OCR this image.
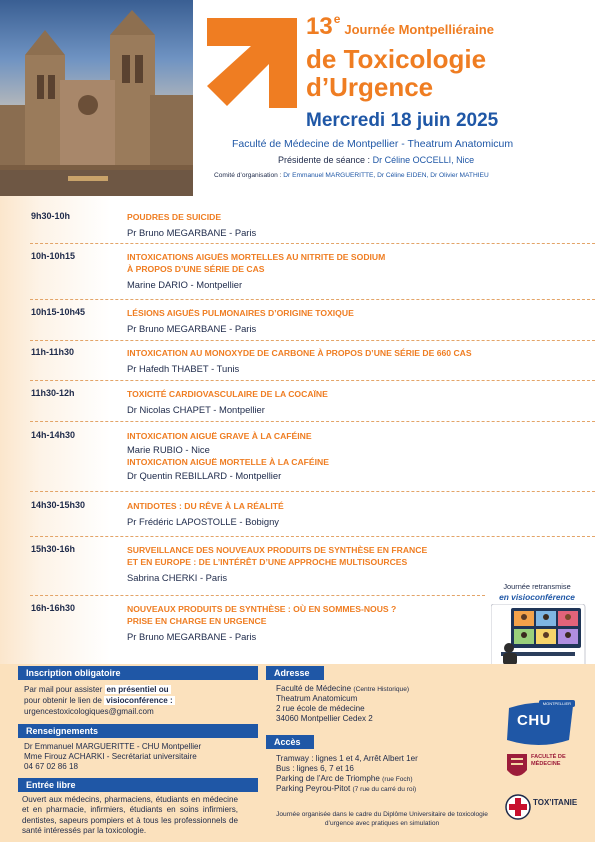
13eJournée Montpelliéraine
de Toxicologie
d’Urgence
Mercredi 18 juin 2025
Faculté de Médecine de Montpellier - Theatrum Anatomicum
Présidente de séance : Dr Céline OCCELLI, Nice
Comité d’organisation : Dr Emmanuel MARGUERITTE, Dr Céline EIDEN, Dr Olivier MATHIEU
9h30-10h	POUDRES DE SUICIDE
Pr Bruno MEGARBANE - Paris
10h-10h15	INTOXICATIONS AIGUËS MORTELLES AU NITRITE DE SODIUM
À PROPOS D’UNE SÉRIE DE CAS
Marine DARIO - Montpellier
10h15-10h45	LÉSIONS AIGUËS PULMONAIRES D’ORIGINE TOXIQUE
Pr Bruno MEGARBANE - Paris
11h-11h30	INTOXICATION AU MONOXYDE DE CARBONE À PROPOS D’UNE SÉRIE DE 660 CAS
Pr Hafedh THABET - Tunis
11h30-12h	TOXICITÉ CARDIOVASCULAIRE DE LA COCAÏNE
Dr Nicolas CHAPET - Montpellier
14h-14h30	INTOXICATION AIGUË GRAVE À LA CAFÉINE
Marie RUBIO - Nice
INTOXICATION AIGUË MORTELLE À LA CAFÉINE
Dr Quentin REBILLARD - Montpellier
14h30-15h30	ANTIDOTES : DU RÊVE À LA RÉALITÉ
Pr Frédéric LAPOSTOLLE - Bobigny
15h30-16h	SURVEILLANCE DES NOUVEAUX PRODUITS DE SYNTHÈSE EN FRANCE
ET EN EUROPE : DE L’INTÉRÊT D’UNE APPROCHE MULTISOURCES
Sabrina CHERKI - Paris
16h-16h30	NOUVEAUX PRODUITS DE SYNTHÈSE : OÙ EN SOMMES-NOUS ?
PRISE EN CHARGE EN URGENCE
Pr Bruno MEGARBANE - Paris
Journée retransmise
en visioconférence
Inscription obligatoire
Par mail pour assister en présentiel ou
pour obtenir le lien de visioconférence :
urgencestoxicologiques@gmail.com
Renseignements
Dr Emmanuel MARGUERITTE - CHU Montpellier
Mme Firouz ACHARKI - Secrétariat universitaire
04 67 02 86 18
Entrée libre
Ouvert aux médecins, pharmaciens, étudiants en médecine et en pharmacie, infirmiers, étudiants en soins infirmiers, dentistes, sapeurs pompiers et à tous les professionnels de santé intéressés par la toxicologie.
Adresse
Faculté de Médecine (Centre Historique)
Theatrum Anatomicum
2 rue école de médecine
34060 Montpellier Cedex 2
Accès
Tramway : lignes 1 et 4, Arrêt Albert 1er
Bus : lignes 6, 7 et 16
Parking de l’Arc de Triomphe (rue Foch)
Parking Peyrou-Pitot (7 rue du carré du roi)
Journée organisée dans le cadre du Diplôme Universitaire de toxicologie d’urgence avec pratiques en simulation
MONTPELLIER
CHU
FACULTÉ DE
MÉDECINE
TOX’ITANIE
